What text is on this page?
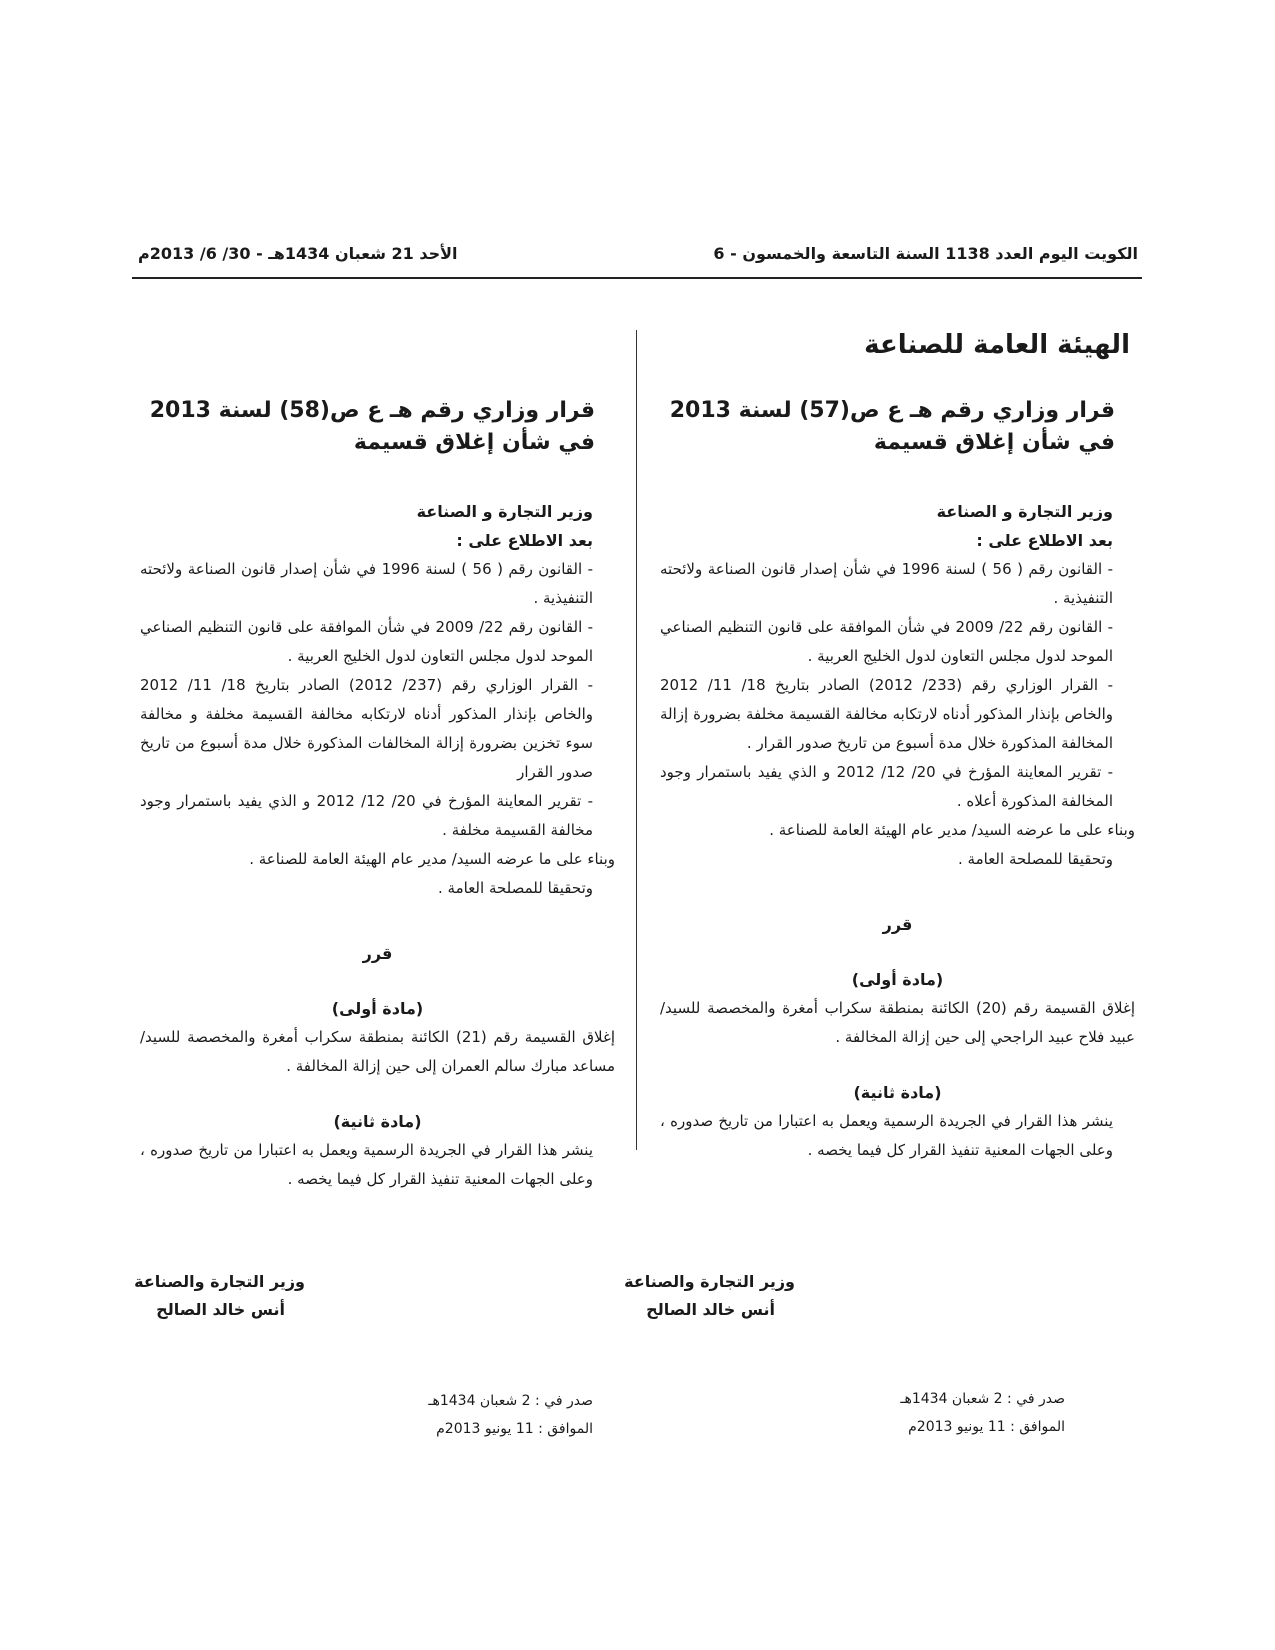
الكويت اليوم العدد 1138 السنة التاسعة والخمسون - 6
الأحد 21 شعبان 1434هـ - 30/ 6/ 2013م
الهيئة العامة للصناعة
قرار وزاري رقم هـ ع ص(57) لسنة 2013
في شأن إغلاق قسيمة
وزير التجارة و الصناعة
بعد الاطلاع على :
- القانون رقم ( 56 ) لسنة 1996 في شأن إصدار قانون الصناعة ولائحته التنفيذية .
- القانون رقم 22/ 2009 في شأن الموافقة على قانون التنظيم الصناعي الموحد لدول مجلس التعاون لدول الخليج العربية .
- القرار الوزاري رقم (233/ 2012) الصادر بتاريخ 18/ 11/ 2012 والخاص بإنذار المذكور أدناه لارتكابه مخالفة القسيمة مخلفة بضرورة إزالة المخالفة المذكورة خلال مدة أسبوع من تاريخ صدور القرار .
- تقرير المعاينة المؤرخ في 20/ 12/ 2012 و الذي يفيد باستمرار وجود المخالفة المذكورة أعلاه .
وبناء على ما عرضه السيد/ مدير عام الهيئة العامة للصناعة .
وتحقيقا للمصلحة العامة .
قرر
(مادة أولى)
إغلاق القسيمة رقم (20) الكائنة بمنطقة سكراب أمغرة والمخصصة للسيد/ عبيد فلاح عبيد الراجحي إلى حين إزالة المخالفة .
(مادة ثانية)
ينشر هذا القرار في الجريدة الرسمية ويعمل به اعتبارا من تاريخ صدوره ، وعلى الجهات المعنية تنفيذ القرار كل فيما يخصه .
قرار وزاري رقم هـ ع ص(58) لسنة 2013
في شأن إغلاق قسيمة
وزير التجارة و الصناعة
بعد الاطلاع على :
- القانون رقم ( 56 ) لسنة 1996 في شأن إصدار قانون الصناعة ولائحته التنفيذية .
- القانون رقم 22/ 2009 في شأن الموافقة على قانون التنظيم الصناعي الموحد لدول مجلس التعاون لدول الخليج العربية .
- القرار الوزاري رقم (237/ 2012) الصادر بتاريخ 18/ 11/ 2012 والخاص بإنذار المذكور أدناه لارتكابه مخالفة القسيمة مخلفة و مخالفة سوء تخزين بضرورة إزالة المخالفات المذكورة خلال مدة أسبوع من تاريخ صدور القرار
- تقرير المعاينة المؤرخ في 20/ 12/ 2012 و الذي يفيد باستمرار وجود مخالفة القسيمة مخلفة .
وبناء على ما عرضه السيد/ مدير عام الهيئة العامة للصناعة .
وتحقيقا للمصلحة العامة .
قرر
(مادة أولى)
إغلاق القسيمة رقم (21) الكائنة بمنطقة سكراب أمغرة والمخصصة للسيد/ مساعد مبارك سالم العمران إلى حين إزالة المخالفة .
(مادة ثانية)
ينشر هذا القرار في الجريدة الرسمية ويعمل به اعتبارا من تاريخ صدوره ، وعلى الجهات المعنية تنفيذ القرار كل فيما يخصه .
وزير التجارة والصناعة
أنس خالد الصالح
وزير التجارة والصناعة
أنس خالد الصالح
صدر في : 2 شعبان 1434هـ
الموافق : 11 يونيو 2013م
صدر في : 2 شعبان 1434هـ
الموافق : 11 يونيو 2013م
